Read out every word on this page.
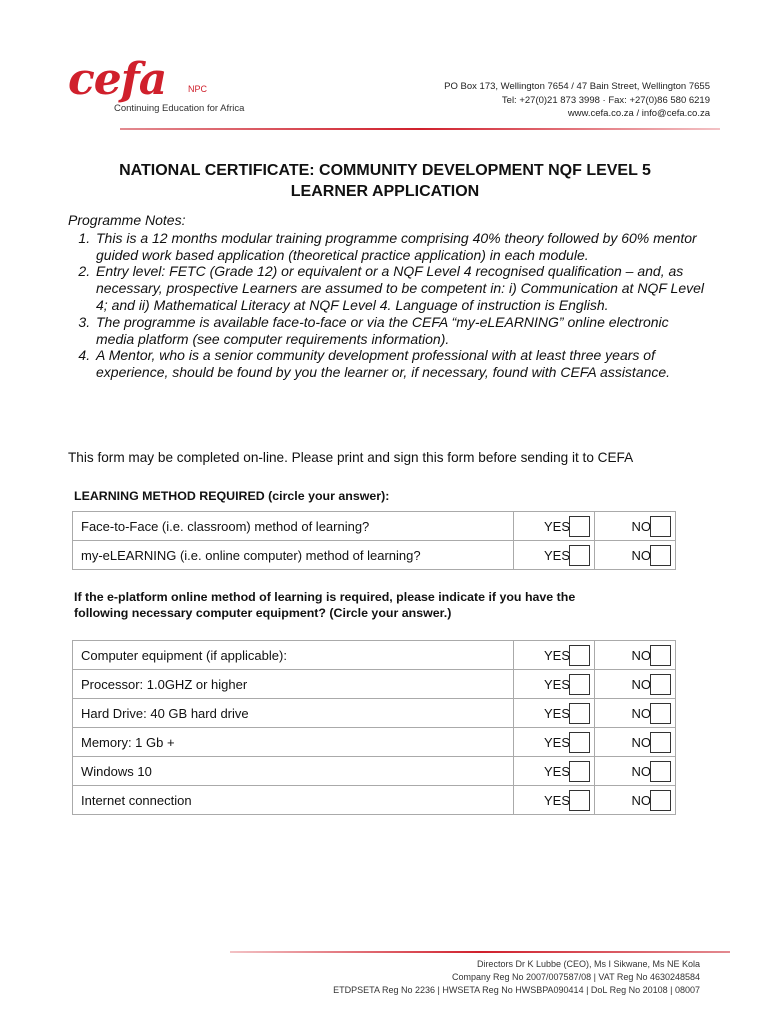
cefa NPC
Continuing Education for Africa
PO Box 173, Wellington 7654 / 47 Bain Street, Wellington 7655
Tel: +27(0)21 873 3998 · Fax: +27(0)86 580 6219
www.cefa.co.za / info@cefa.co.za
NATIONAL CERTIFICATE: COMMUNITY DEVELOPMENT NQF LEVEL 5
LEARNER APPLICATION
Programme Notes:
1. This is a 12 months modular training programme comprising 40% theory followed by 60% mentor guided work based application (theoretical practice application) in each module.
2. Entry level: FETC (Grade 12) or equivalent or a NQF Level 4 recognised qualification – and, as necessary, prospective Learners are assumed to be competent in: i) Communication at NQF Level 4; and ii) Mathematical Literacy at NQF Level 4. Language of instruction is English.
3. The programme is available face-to-face or via the CEFA “my-eLEARNING” online electronic media platform (see computer requirements information).
4. A Mentor, who is a senior community development professional with at least three years of experience, should be found by you the learner or, if necessary, found with CEFA assistance.
This form may be completed on-line. Please print and sign this form before sending it to CEFA
LEARNING METHOD REQUIRED (circle your answer):
Face-to-Face (i.e. classroom) method of learning?	YES	NO

my-eLEARNING (i.e. online computer) method of learning?	YES	NO
If the e-platform online method of learning is required, please indicate if you have the
following necessary computer equipment? (Circle your answer.)
Computer equipment (if applicable):	YES	NO

Processor: 1.0GHZ or higher	YES	NO

Hard Drive: 40 GB hard drive	YES	NO

Memory: 1 Gb +	YES	NO

Windows 10	YES	NO

Internet connection	YES	NO
Directors Dr K Lubbe (CEO), Ms I Sikwane, Ms NE Kola
Company Reg No 2007/007587/08 | VAT Reg No 4630248584
ETDPSETA Reg No 2236 | HWSETA Reg No HWSBPA090414 | DoL Reg No 20108 | 08007
